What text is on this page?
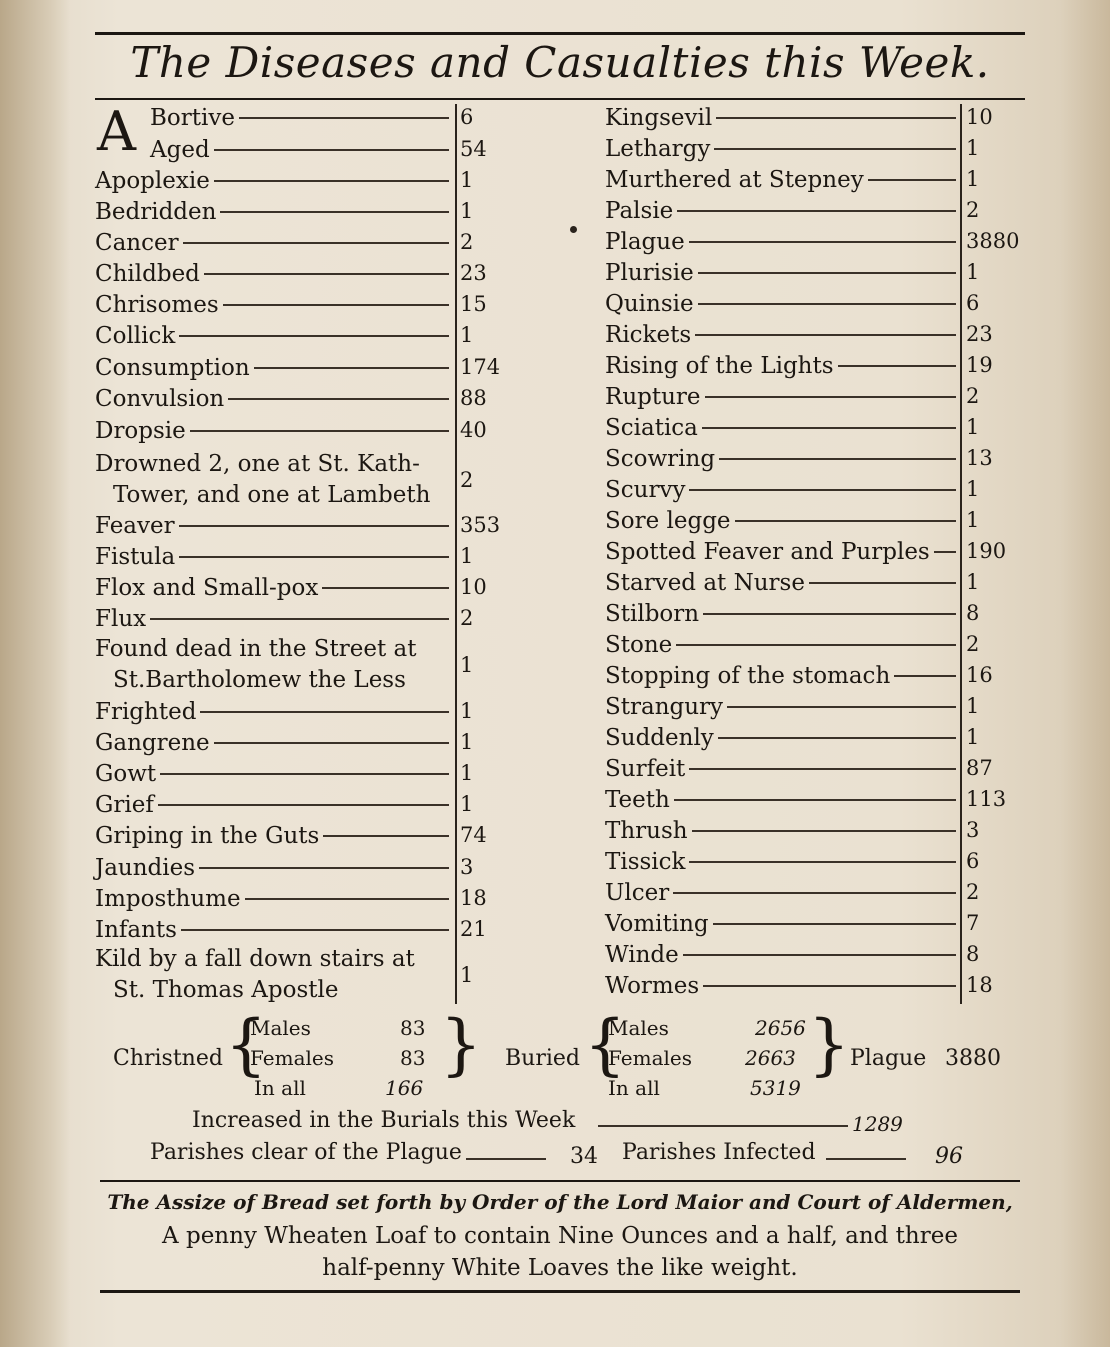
The Diseases and Casualties this Week.
A
Drowned 2, one at St. Kath-
Tower, and one at Lambeth
2
Found dead in the Street at
St.Bartholomew the Less
1
Kild by a fall down stairs at
St. Thomas Apostle
1
Christned {
Males	83
Females	83
In all	166
} Buried {
Males	2656
Females	2663
In all	5319
} Plague 3880
Increased in the Burials this Week	1289
Parishes clear of the Plague	34 Parishes Infected	96
The Assize of Bread set forth by Order of the Lord Maior and Court of Aldermen,
A penny Wheaten Loaf to contain Nine Ounces and a half, and three
half-penny White Loaves the like weight.
Bortive	6
Aged	54
Apoplexie	1
Bedridden	1
Cancer	2
Childbed	23
Chrisomes	15
Collick	1
Consumption	174
Convulsion	88
Dropsie	40
Feaver	353
Fistula	1
Flox and Small-pox	10
Flux	2
Frighted	1
Gangrene	1
Gowt	1
Grief	1
Griping in the Guts	74
Jaundies	3
Imposthume	18
Infants	21
Kingsevil	10
Lethargy	1
Murthered at Stepney	1
Palsie	2
Plague	3880
Plurisie	1
Quinsie	6
Rickets	23
Rising of the Lights	19
Rupture	2
Sciatica	1
Scowring	13
Scurvy	1
Sore legge	1
Spotted Feaver and Purples 190
Starved at Nurse	1
Stilborn	8
Stone	2
Stopping of the stomach	16
Strangury	1
Suddenly	1
Surfeit	87
Teeth	113
Thrush	3
Tissick	6
Ulcer	2
Vomiting	7
Winde	8
Wormes	18
